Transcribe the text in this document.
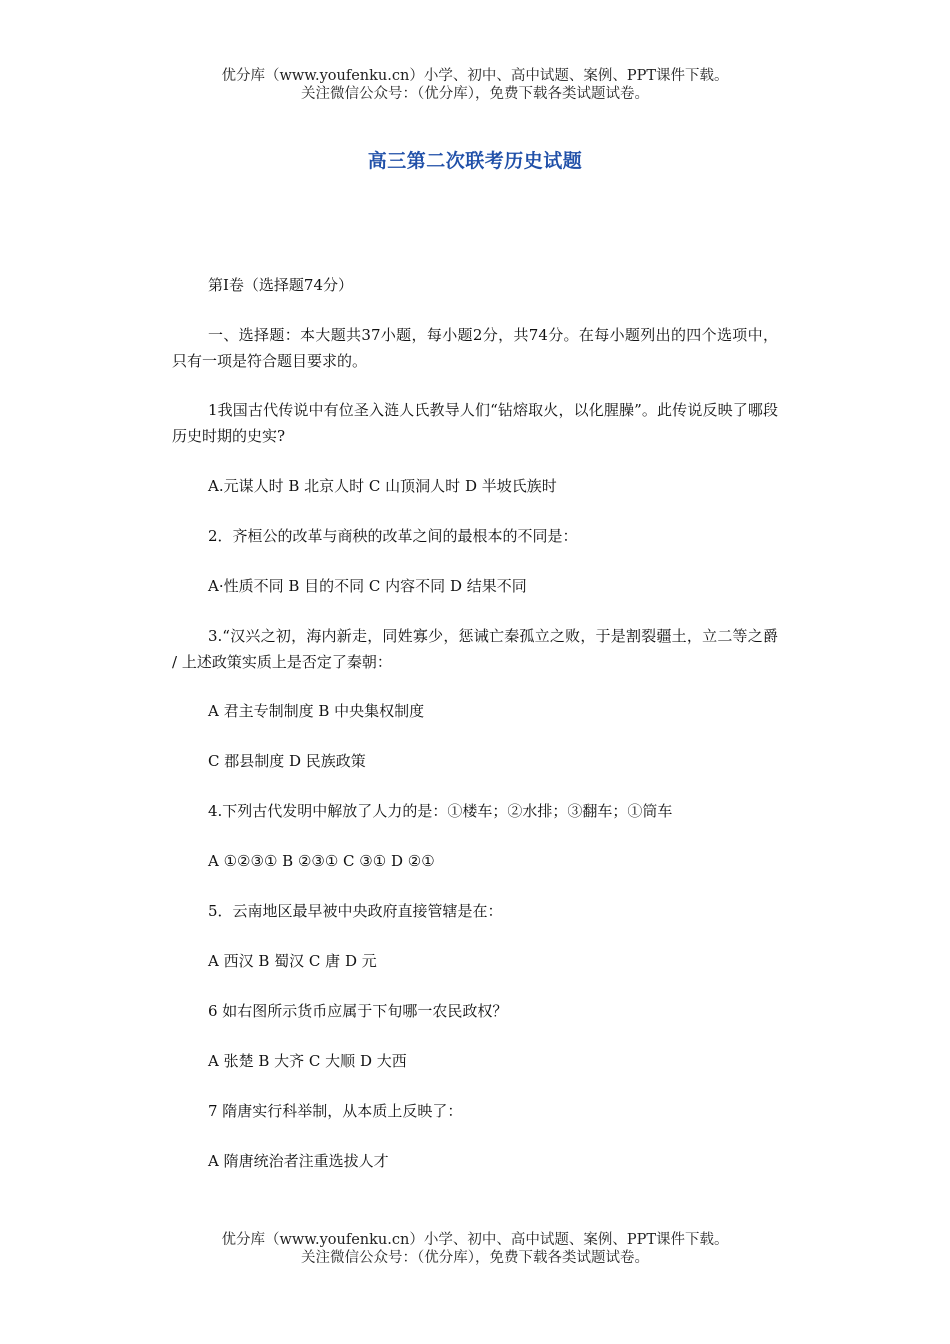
优分库（www.youfenku.cn）小学、初中、高中试题、案例、PPT课件下载。
关注微信公众号：（优分库），免费下载各类试题试卷。
高三第二次联考历史试题

第I卷（选择题74分）

一、选择题：本大题共37小题，每小题2分，共74分。在每小题列出的四个选项中，只有一项是符合题目要求的。

1我国古代传说中有位圣入涟人氏教导人们“钻熔取火，以化腥臊”。此传说反映了哪段历史时期的史实?

A.元谋人时 B 北京人时 C 山顶洞人时 D 半坡氏族时

2．齐桓公的改革与商秧的改革之间的最根本的不同是：

A·性质不同 B 目的不同 C 内容不同 D 结果不同

3.“汉兴之初，海内新走，同姓寡少，惩诫亡秦孤立之败，于是割裂疆土，立二等之爵 / 上述政策实质上是否定了秦朝：

A 君主专制制度 B 中央集权制度

C 郡县制度 D 民族政策

4.下列古代发明中解放了人力的是：①楼车；②水排；③翻车；①筒车

A ①②③① B ②③① C ③① D ②①

5．云南地区最早被中央政府直接管辖是在：

A 西汉 B 蜀汉 C 唐 D 元

6 如右图所示货币应属于下旬哪一农民政权？

A 张楚 B 大齐 C 大顺 D 大西

7 隋唐实行科举制，从本质上反映了：

A 隋唐统治者注重选拔人才

优分库（www.youfenku.cn）小学、初中、高中试题、案例、PPT课件下载。
关注微信公众号：（优分库），免费下载各类试题试卷。
